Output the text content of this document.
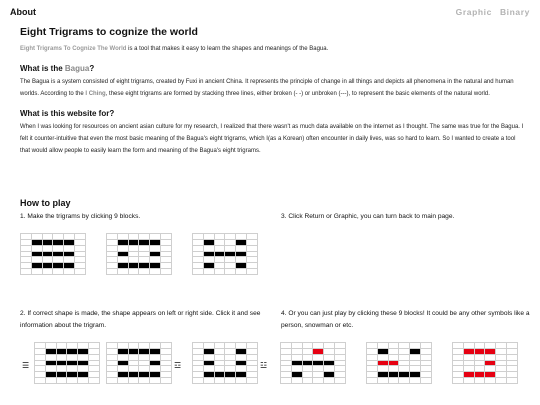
About	Graphic Binary
Eight Trigrams to cognize the world

Eight Trigrams To Cognize The World is a tool that makes it easy to learn the shapes and meanings of the Bagua.

What is the Bagua?

The Bagua is a system consisted of eight trigrams, created by Fuxi in ancient China. It represents the principle of change in all things and depicts all phenomena in the natural and human worlds. According to the I Ching, these eight trigrams are formed by stacking three lines, either broken (- -) or unbroken (---), to represent the basic elements of the natural world.

What is this website for?

When I was looking for resources on ancient asian culture for my research, I realized that there wasn't as much data available on the internet as I thought. The same was true for the Bagua. I felt it counter-intuitive that even the most basic meaning of the Bagua's eight trigrams, which I(as a Korean) often encounter in daily lives, was so hard to learn. So I wanted to create a tool that would allow people to easily learn the form and meaning of the Bagua's eight trigrams.

How to play
1. Make the trigrams by clicking 9 blocks.	3. Click Return or Graphic, you can turn back to main page.
2. If correct shape is made, the shape appears on left or right side. Click it and see information about the trigram.
4. Or you can just play by clicking these 9 blocks! It could be any other symbols like a person, snowman or etc.
☰	☲	☳
